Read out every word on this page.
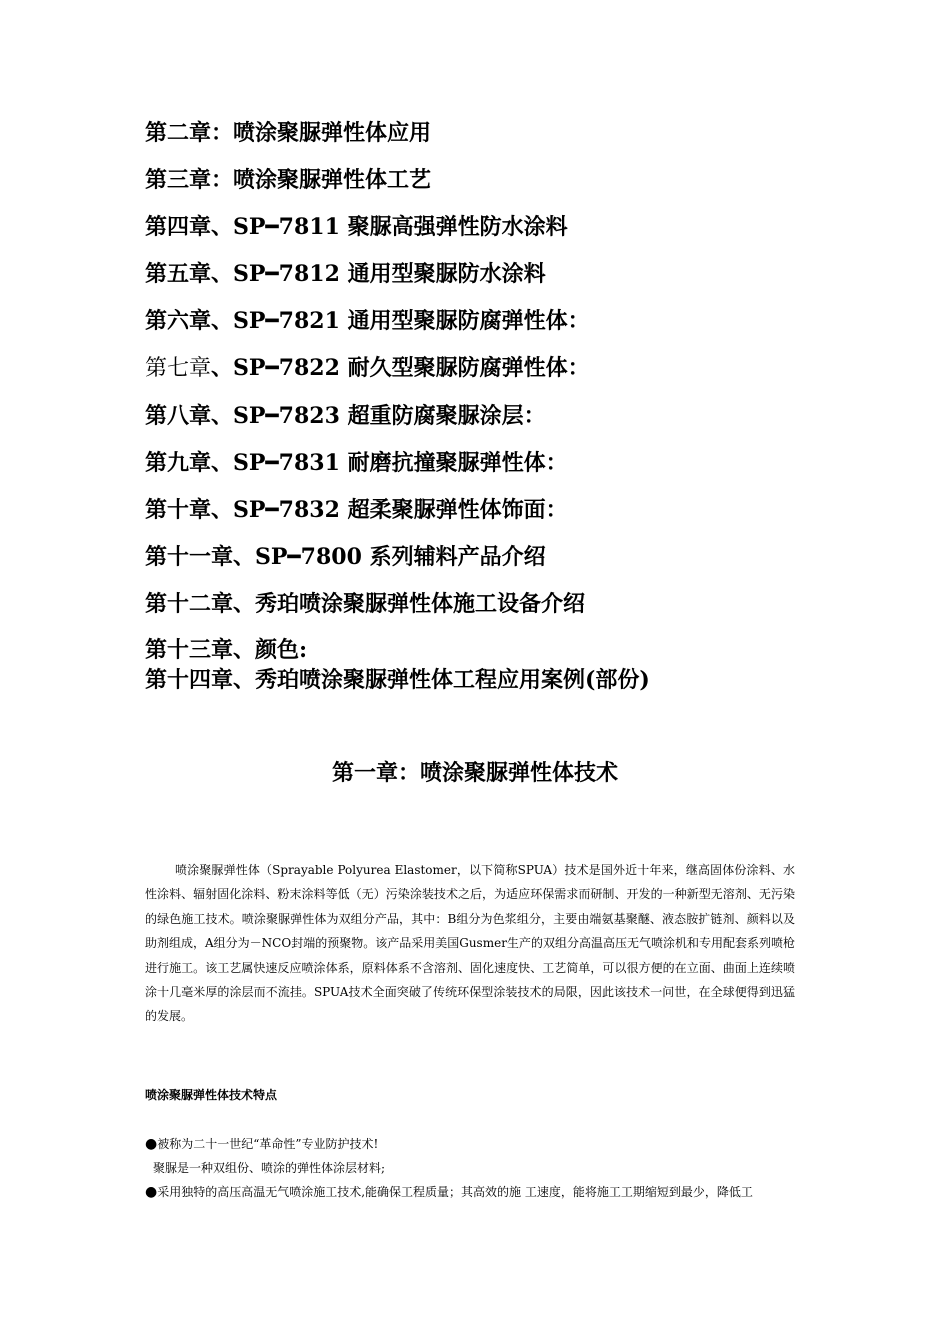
第二章：喷涂聚脲弹性体应用

第三章：喷涂聚脲弹性体工艺

第四章、SP━7811 聚脲高强弹性防水涂料

第五章、SP━7812 通用型聚脲防水涂料

第六章、SP━7821 通用型聚脲防腐弹性体：

第七章、SP━7822 耐久型聚脲防腐弹性体：

第八章、SP━7823 超重防腐聚脲涂层：

第九章、SP━7831 耐磨抗撞聚脲弹性体：

第十章、SP━7832 超柔聚脲弹性体饰面：

第十一章、SP━7800 系列辅料产品介绍

第十二章、秀珀喷涂聚脲弹性体施工设备介绍

第十三章、颜色:

第十四章、秀珀喷涂聚脲弹性体工程应用案例(部份)

第一章：喷涂聚脲弹性体技术

喷涂聚脲弹性体（Sprayable Polyurea Elastomer，以下简称SPUA）技术是国外近十年来，继高固体份涂料、水性涂料、辐射固化涂料、粉末涂料等低（无）污染涂装技术之后，为适应环保需求而研制、开发的一种新型无溶剂、无污染的绿色施工技术。喷涂聚脲弹性体为双组分产品，其中：B组分为色浆组分，主要由端氨基聚醚、液态胺扩链剂、颜料以及助剂组成，A组分为－NCO封端的预聚物。该产品采用美国Gusmer生产的双组分高温高压无气喷涂机和专用配套系列喷枪进行施工。该工艺属快速反应喷涂体系，原料体系不含溶剂、固化速度快、工艺简单，可以很方便的在立面、曲面上连续喷涂十几毫米厚的涂层而不流挂。SPUA技术全面突破了传统环保型涂装技术的局限，因此该技术一问世，在全球便得到迅猛的发展。

喷涂聚脲弹性体技术特点
●被称为二十一世纪“革命性”专业防护技术!
聚脲是一种双组份、喷涂的弹性体涂层材料;
●采用独特的高压高温无气喷涂施工技术,能确保工程质量；其高效的施 工速度，能将施工工期缩短到最少，降低工
